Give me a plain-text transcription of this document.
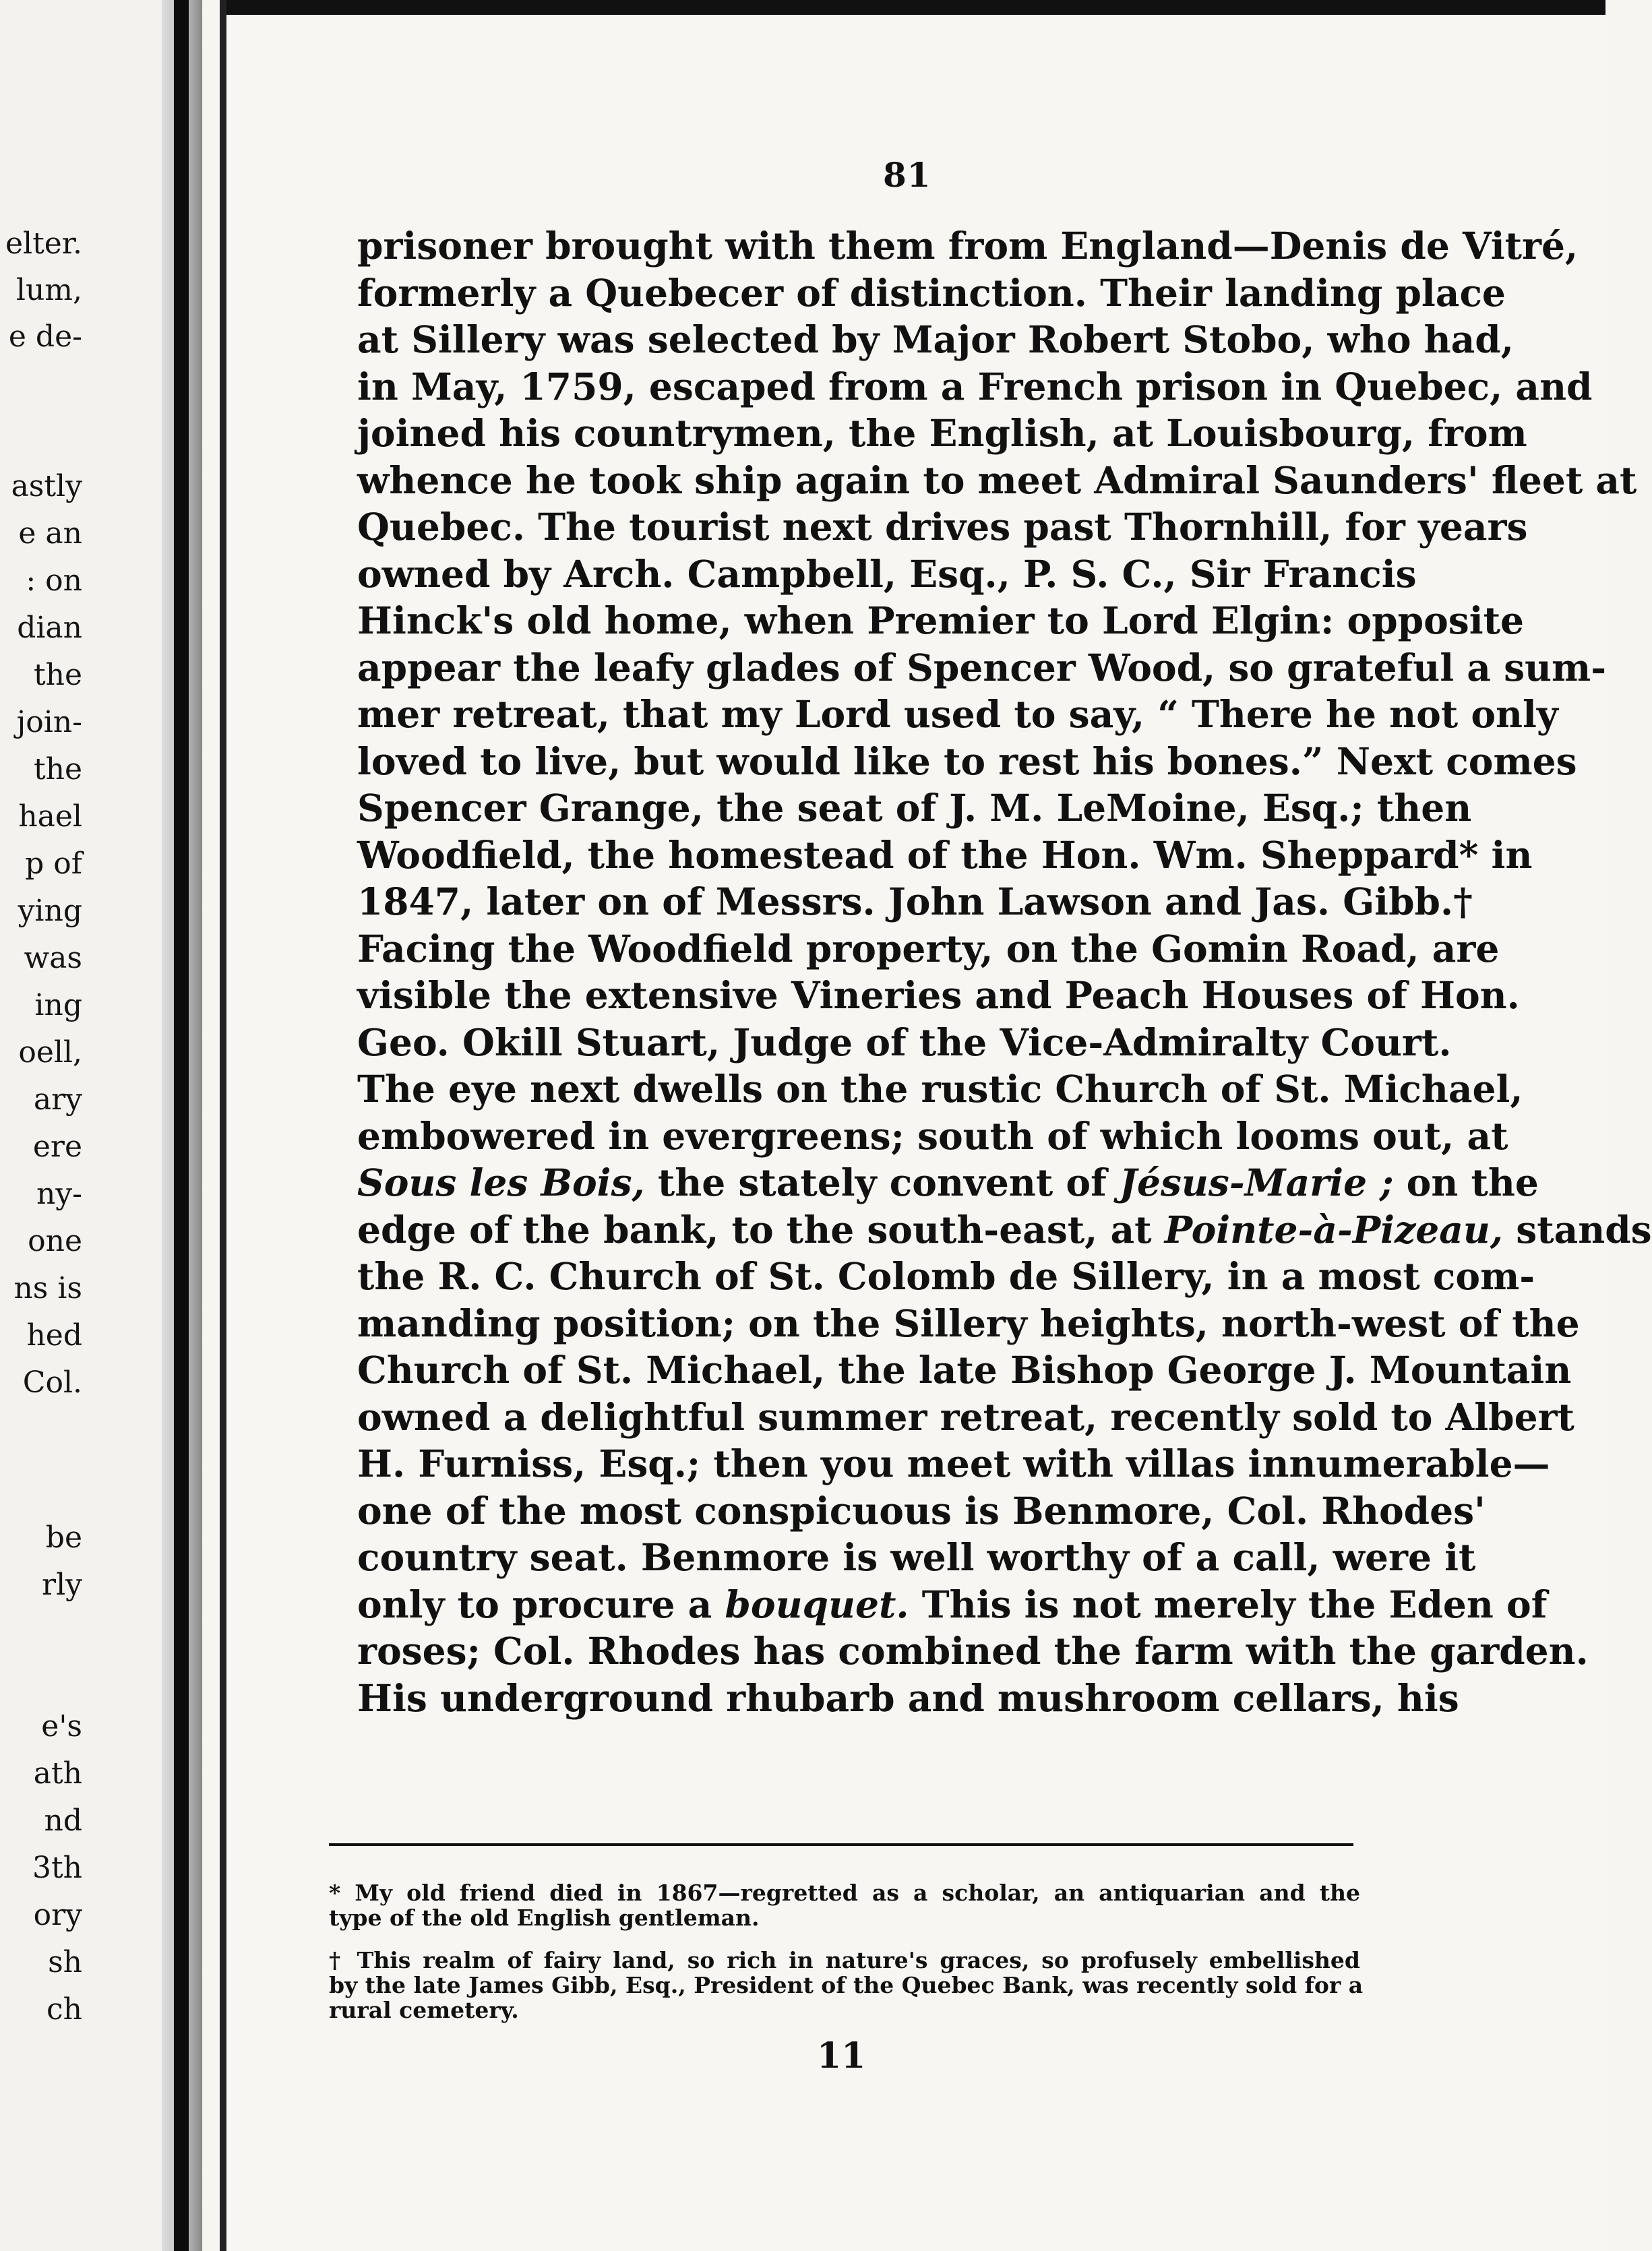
elter.
lum,
e de-
astly
e an
: on
dian
the
join-
the
hael
p of
ying
was
ing
oell,
ary
ere
ny-
one
ns is
hed
Col.
be
rly
e's
ath
nd
3th
ory
sh
ch
81
prisoner brought with them from England—Denis de Vitré,
formerly a Quebecer of distinction. Their landing place
at Sillery was selected by Major Robert Stobo, who had,
in May, 1759, escaped from a French prison in Quebec, and
joined his countrymen, the English, at Louisbourg, from
whence he took ship again to meet Admiral Saunders' fleet at
Quebec. The tourist next drives past Thornhill, for years
owned by Arch. Campbell, Esq., P. S. C., Sir Francis
Hinck's old home, when Premier to Lord Elgin: opposite
appear the leafy glades of Spencer Wood, so grateful a sum-
mer retreat, that my Lord used to say, “ There he not only
loved to live, but would like to rest his bones.” Next comes
Spencer Grange, the seat of J. M. LeMoine, Esq.; then
Woodfield, the homestead of the Hon. Wm. Sheppard* in
1847, later on of Messrs. John Lawson and Jas. Gibb.†
Facing the Woodfield property, on the Gomin Road, are
visible the extensive Vineries and Peach Houses of Hon.
Geo. Okill Stuart, Judge of the Vice-Admiralty Court.
The eye next dwells on the rustic Church of St. Michael,
embowered in evergreens; south of which looms out, at
Sous les Bois, the stately convent of Jésus-Marie ; on the
edge of the bank, to the south-east, at Pointe-à-Pizeau, stands
the R. C. Church of St. Colomb de Sillery, in a most com-
manding position; on the Sillery heights, north-west of the
Church of St. Michael, the late Bishop George J. Mountain
owned a delightful summer retreat, recently sold to Albert
H. Furniss, Esq.; then you meet with villas innumerable—
one of the most conspicuous is Benmore, Col. Rhodes'
country seat. Benmore is well worthy of a call, were it
only to procure a bouquet. This is not merely the Eden of
roses; Col. Rhodes has combined the farm with the garden.
His underground rhubarb and mushroom cellars, his
* My old friend died in 1867—regretted as a scholar, an antiquarian and the
type of the old English gentleman.
† This realm of fairy land, so rich in nature's graces, so profusely embellished
by the late James Gibb, Esq., President of the Quebec Bank, was recently sold for a
rural cemetery.
11
